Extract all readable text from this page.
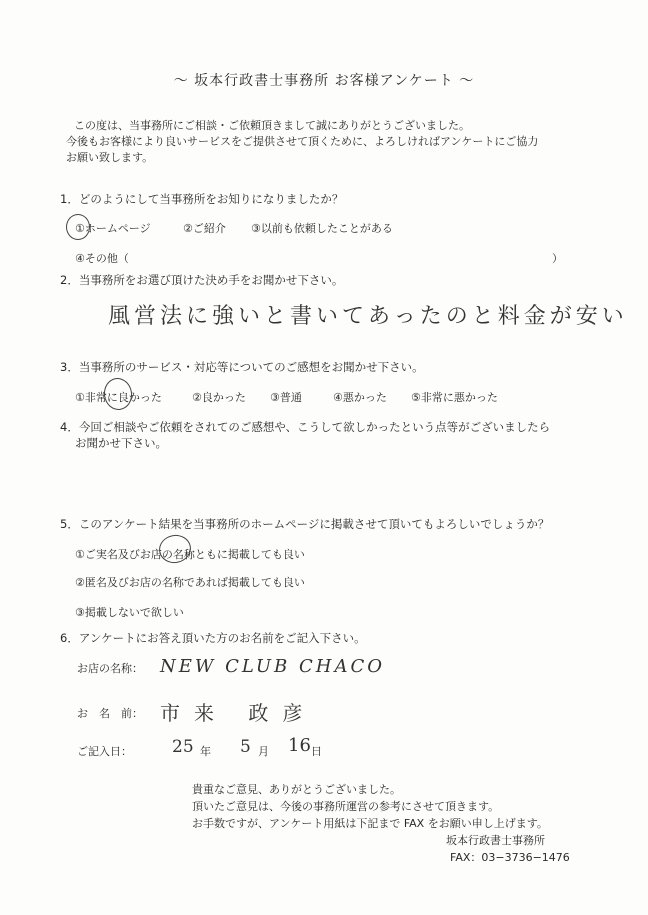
〜 坂本行政書士事務所 お客様アンケート 〜
この度は、当事務所にご相談・ご依頼頂きまして誠にありがとうございました。
今後もお客様により良いサービスをご提供させて頂くために、よろしければアンケートにご協力
お願い致します。
1．どのようにして当事務所をお知りになりましたか？
①ホームページ	②ご紹介 ③以前も依頼したことがある
④その他（	）
2．当事務所をお選び頂けた決め手をお聞かせ下さい。
風営法に強いと書いてあったのと料金が安い
3．当事務所のサービス・対応等についてのご感想をお聞かせ下さい。
①非常に良かった	②良かった ③普通	④悪かった ⑤非常に悪かった
4．今回ご相談やご依頼をされてのご感想や、こうして欲しかったという点等がございましたら
お聞かせ下さい。
5．このアンケート結果を当事務所のホームページに掲載させて頂いてもよろしいでしょうか？
①ご実名及びお店の名称ともに掲載しても良い
②匿名及びお店の名称であれば掲載しても良い
③掲載しないで欲しい
6．アンケートにお答え頂いた方のお名前をご記入下さい。
お店の名称： NEW CLUB CHACO
お　名　前： 市来 政彦
ご記入日： 25 年 5 月 16 日
貴重なご意見、ありがとうございました。
頂いたご意見は、今後の事務所運営の参考にさせて頂きます。
お手数ですが、アンケート用紙は下記まで FAX をお願い申し上げます。
坂本行政書士事務所
FAX：03−3736−1476
